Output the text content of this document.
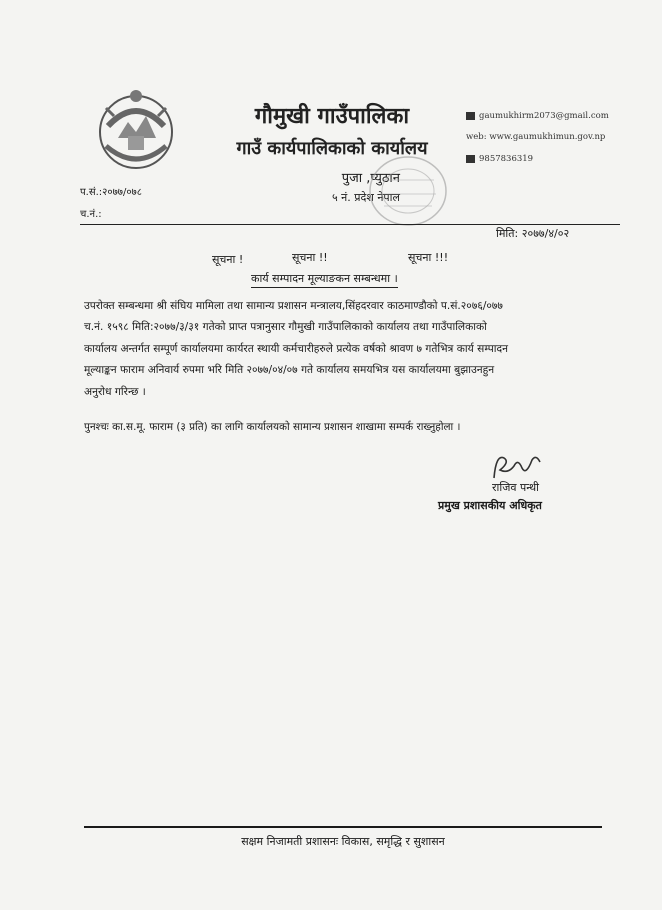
गौमुखी गाउँपालिका
गाउँ कार्यपालिकाको कार्यालय
पुजा ,प्युठान
५ नं. प्रदेश नेपाल
gaumukhirm2073@gmail.com
web: www.gaumukhimun.gov.np
9857836319
प.सं.:२०७७/०७८
च.नं.:
मिति: २०७७/४/०२
सूचना !	सूचना !!	सूचना !!!
कार्य सम्पादन मूल्याङकन सम्बन्धमा ।
उपरोक्त सम्बन्धमा श्री संघिय मामिला तथा सामान्य प्रशासन मन्त्रालय,सिंहदरवार काठमाण्डौको प.सं.२०७६/०७७
च.नं. १५९८ मिति:२०७७/३/३१ गतेको प्राप्त पत्रानुसार गौमुखी गाउँपालिकाको कार्यालय तथा गाउँपालिकाको
कार्यालय अन्तर्गत सम्पूर्ण कार्यालयमा कार्यरत स्थायी कर्मचारीहरुले प्रत्येक वर्षको श्रावण ७ गतेभित्र कार्य सम्पादन
मूल्याङ्कन फाराम अनिवार्य रुपमा भरि मिति २०७७/०४/०७ गते कार्यालय समयभित्र यस कार्यालयमा बुझाउनहुन
अनुरोध गरिन्छ ।
पुनश्चः का.स.मू. फाराम (३ प्रति) का लागि कार्यालयको सामान्य प्रशासन शाखामा सम्पर्क राख्नुहोला ।
राजिव पन्थी
प्रमुख प्रशासकीय अधिकृत
सक्षम निजामती प्रशासनः विकास, समृद्धि र सुशासन
